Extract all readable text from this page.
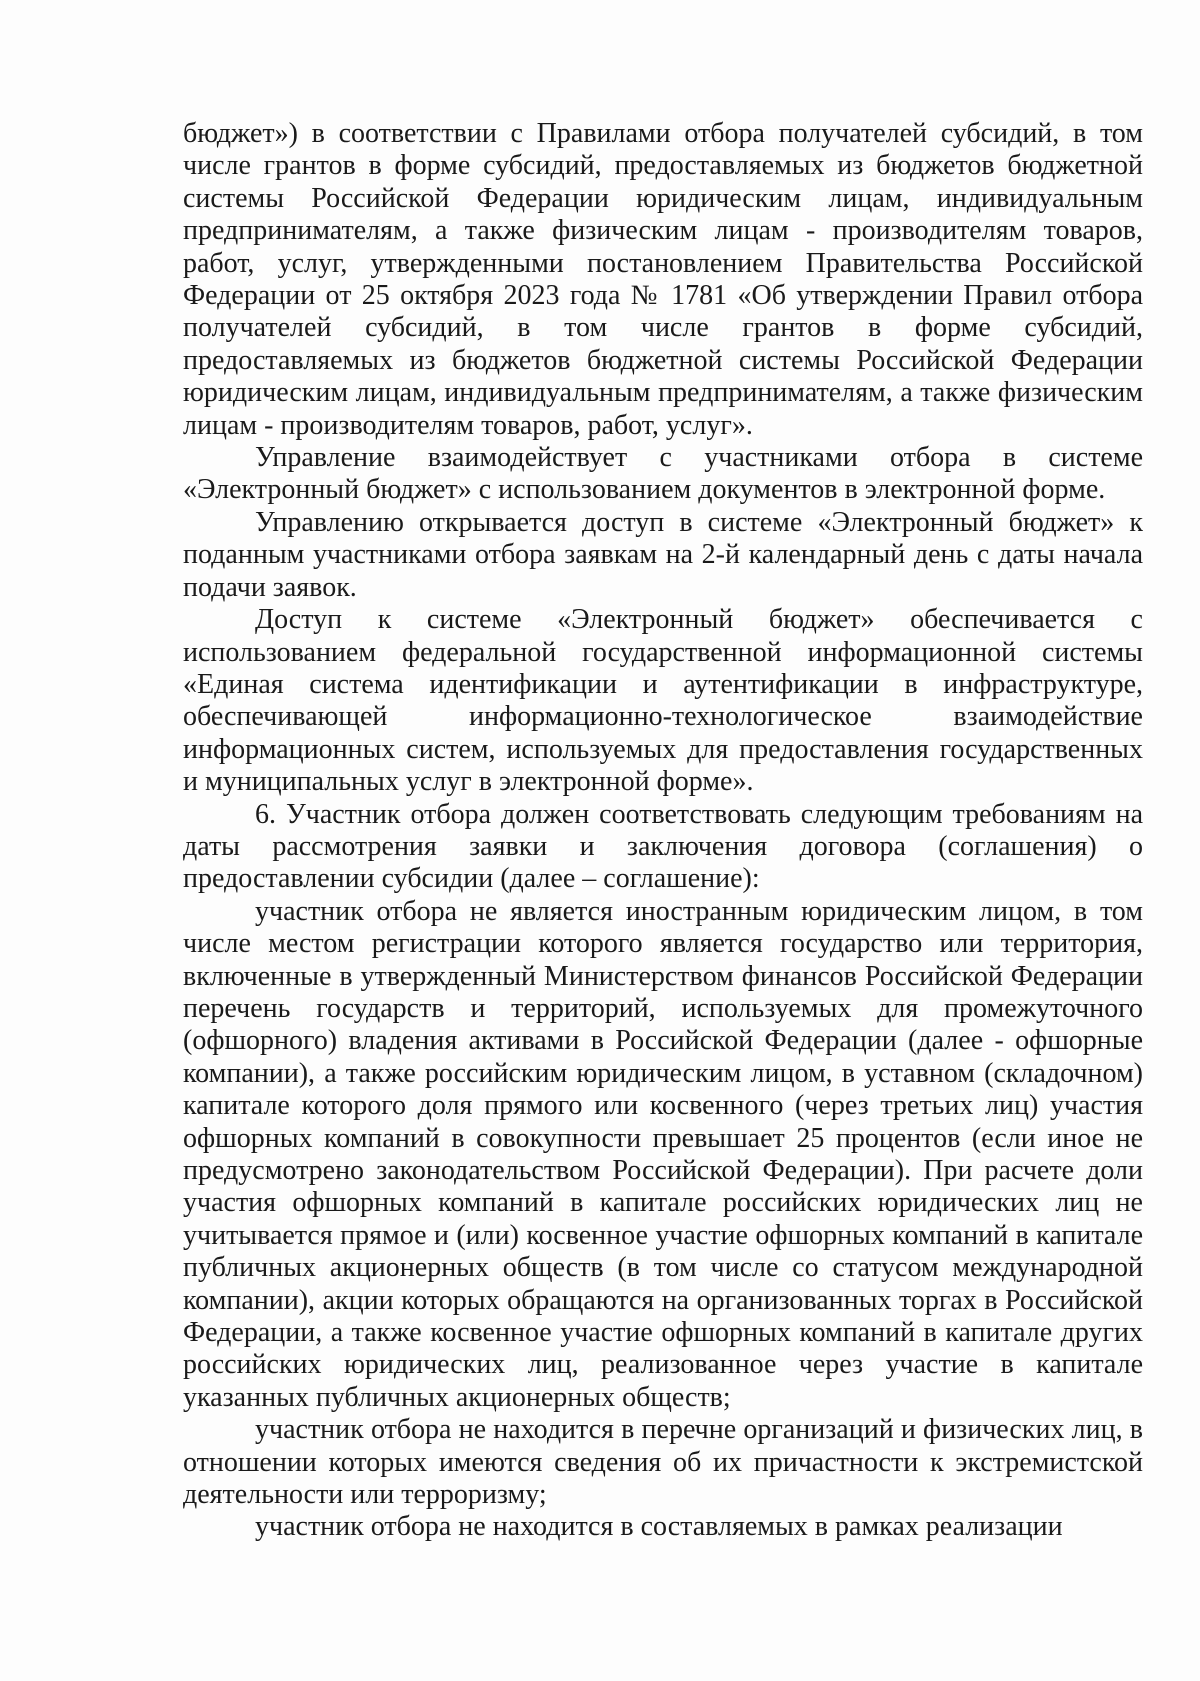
бюджет») в соответствии с Правилами отбора получателей субсидий, в том числе грантов в форме субсидий, предоставляемых из бюджетов бюджетной системы Российской Федерации юридическим лицам, индивидуальным предпринимателям, а также физическим лицам - производителям товаров, работ, услуг, утвержденными постановлением Правительства Российской Федерации от 25 октября 2023 года № 1781 «Об утверждении Правил отбора получателей субсидий, в том числе грантов в форме субсидий, предоставляемых из бюджетов бюджетной системы Российской Федерации юридическим лицам, индивидуальным предпринимателям, а также физическим лицам - производителям товаров, работ, услуг».

Управление взаимодействует с участниками отбора в системе «Электронный бюджет» с использованием документов в электронной форме.

Управлению открывается доступ в системе «Электронный бюджет» к поданным участниками отбора заявкам на 2-й календарный день с даты начала подачи заявок.

Доступ к системе «Электронный бюджет» обеспечивается с использованием федеральной государственной информационной системы «Единая система идентификации и аутентификации в инфраструктуре, обеспечивающей информационно-технологическое взаимодействие информационных систем, используемых для предоставления государственных и муниципальных услуг в электронной форме».

6. Участник отбора должен соответствовать следующим требованиям на даты рассмотрения заявки и заключения договора (соглашения) о предоставлении субсидии (далее – соглашение):

участник отбора не является иностранным юридическим лицом, в том числе местом регистрации которого является государство или территория, включенные в утвержденный Министерством финансов Российской Федерации перечень государств и территорий, используемых для промежуточного (офшорного) владения активами в Российской Федерации (далее - офшорные компании), а также российским юридическим лицом, в уставном (складочном) капитале которого доля прямого или косвенного (через третьих лиц) участия офшорных компаний в совокупности превышает 25 процентов (если иное не предусмотрено законодательством Российской Федерации). При расчете доли участия офшорных компаний в капитале российских юридических лиц не учитывается прямое и (или) косвенное участие офшорных компаний в капитале публичных акционерных обществ (в том числе со статусом международной компании), акции которых обращаются на организованных торгах в Российской Федерации, а также косвенное участие офшорных компаний в капитале других российских юридических лиц, реализованное через участие в капитале указанных публичных акционерных обществ;

участник отбора не находится в перечне организаций и физических лиц, в отношении которых имеются сведения об их причастности к экстремистской деятельности или терроризму;

участник отбора не находится в составляемых в рамках реализации
